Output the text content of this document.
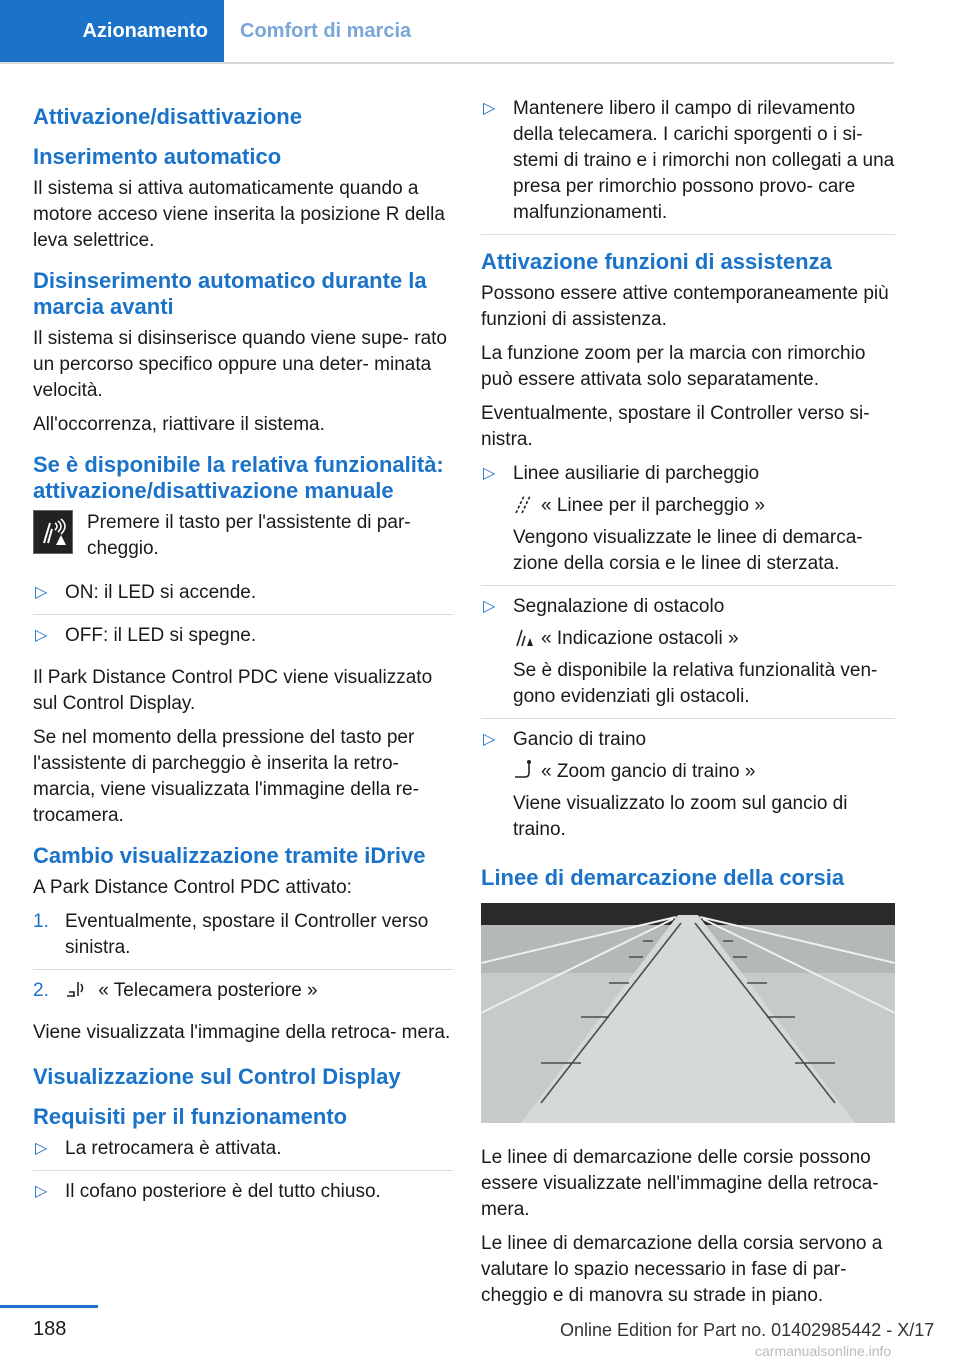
Azionamento	Comfort di marcia
Attivazione/disattivazione
Inserimento automatico

Il sistema si attiva automaticamente quando a motore acceso viene inserita la posizione R della leva selettrice.

Disinserimento automatico durante la marcia avanti

Il sistema si disinserisce quando viene supe- rato un percorso specifico oppure una deter- minata velocità.

All'occorrenza, riattivare il sistema.

Se è disponibile la relativa funzionalità: attivazione/disattivazione manuale

Premere il tasto per l'assistente di par- cheggio.

▷ ON: il LED si accende.
▷ OFF: il LED si spegne.

Il Park Distance Control PDC viene visualizzato sul Control Display.

Se nel momento della pressione del tasto per l'assistente di parcheggio è inserita la retro- marcia, viene visualizzata l'immagine della re- trocamera.

Cambio visualizzazione tramite iDrive

A Park Distance Control PDC attivato:

1. Eventualmente, spostare il Controller verso sinistra.
2.	« Telecamera posteriore »

Viene visualizzata l'immagine della retroca- mera.

Visualizzazione sul Control Display
Requisiti per il funzionamento
▷ La retrocamera è attivata.
▷ Il cofano posteriore è del tutto chiuso.
▷ Mantenere libero il campo di rilevamento della telecamera. I carichi sporgenti o i si- stemi di traino e i rimorchi non collegati a una presa per rimorchio possono provo- care malfunzionamenti.
Attivazione funzioni di assistenza

Possono essere attive contemporaneamente più funzioni di assistenza.

La funzione zoom per la marcia con rimorchio può essere attivata solo separatamente.

Eventualmente, spostare il Controller verso si- nistra.

▷ Linee ausiliarie di parcheggio
« Linee per il parcheggio »
Vengono visualizzate le linee di demarca- zione della corsia e le linee di sterzata.
▷ Segnalazione di ostacolo
« Indicazione ostacoli »
Se è disponibile la relativa funzionalità ven- gono evidenziati gli ostacoli.
▷ Gancio di traino
« Zoom gancio di traino »
Viene visualizzato lo zoom sul gancio di traino.
Linee di demarcazione della corsia

Le linee di demarcazione delle corsie possono essere visualizzate nell'immagine della retroca- mera.

Le linee di demarcazione della corsia servono a valutare lo spazio necessario in fase di par- cheggio e di manovra su strade in piano.

188	Online Edition for Part no. 01402985442 - X/17
carmanualsonline.info
